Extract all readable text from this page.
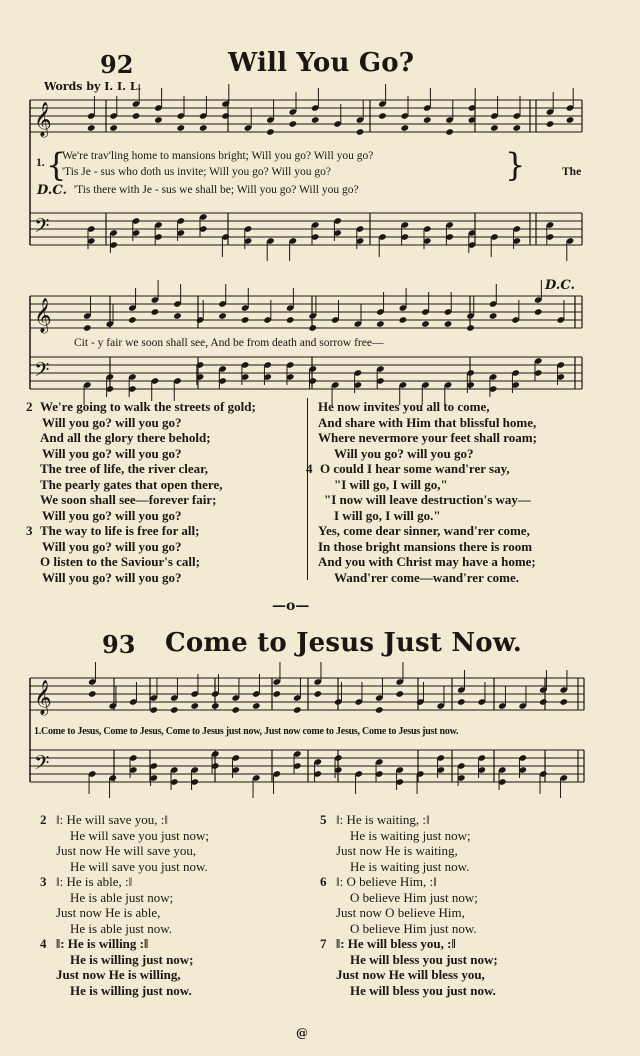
𝄞
𝄢
𝄞
𝄢
𝄞
𝄢
92	Will You Go?
Words by I. I. L.
1. {
We're trav'ling home to mansions bright; Will you go? Will you go?
'Tis Je - sus who doth us invite; Will you go? Will you go?	}
D.C. 'Tis there with Je - sus we shall be; Will you go? Will you go?
The
D.C.
Cit - y fair we soon shall see, And be from death and sorrow free—
2 We're going to walk the streets of gold;
Will you go? will you go?
And all the glory there behold;
Will you go? will you go?
The tree of life, the river clear,
The pearly gates that open there,
We soon shall see—forever fair;
Will you go? will you go?
3 The way to life is free for all;
Will you go? will you go?
O listen to the Saviour's call;
Will you go? will you go?
He now invites you all to come,
And share with Him that blissful home,
Where nevermore your feet shall roam;
Will you go? will you go?
4 O could I hear some wand'rer say,
"I will go, I will go,"
"I now will leave destruction's way—
I will go, I will go."
Yes, come dear sinner, wand'rer come,
In those bright mansions there is room
And you with Christ may have a home;
Wand'rer come—wand'rer come.
—o—
93 Come to Jesus Just Now.
1.Come to Jesus, Come to Jesus, Come to Jesus just now, Just now come to Jesus, Come to Jesus just now.
2 ‖: He will save you, :‖
He will save you just now;
Just now He will save you,
He will save you just now.
3 ‖: He is able, :‖
He is able just now;
Just now He is able,
He is able just now.
4 ‖: He is willing :‖
He is willing just now;
Just now He is willing,
He is willing just now.
5 ‖: He is waiting, :‖
He is waiting just now;
Just now He is waiting,
He is waiting just now.
6 ‖: O believe Him, :‖
O believe Him just now;
Just now O believe Him,
O believe Him just now.
7 ‖: He will bless you, :‖
He will bless you just now;
Just now He will bless you,
He will bless you just now.
@
